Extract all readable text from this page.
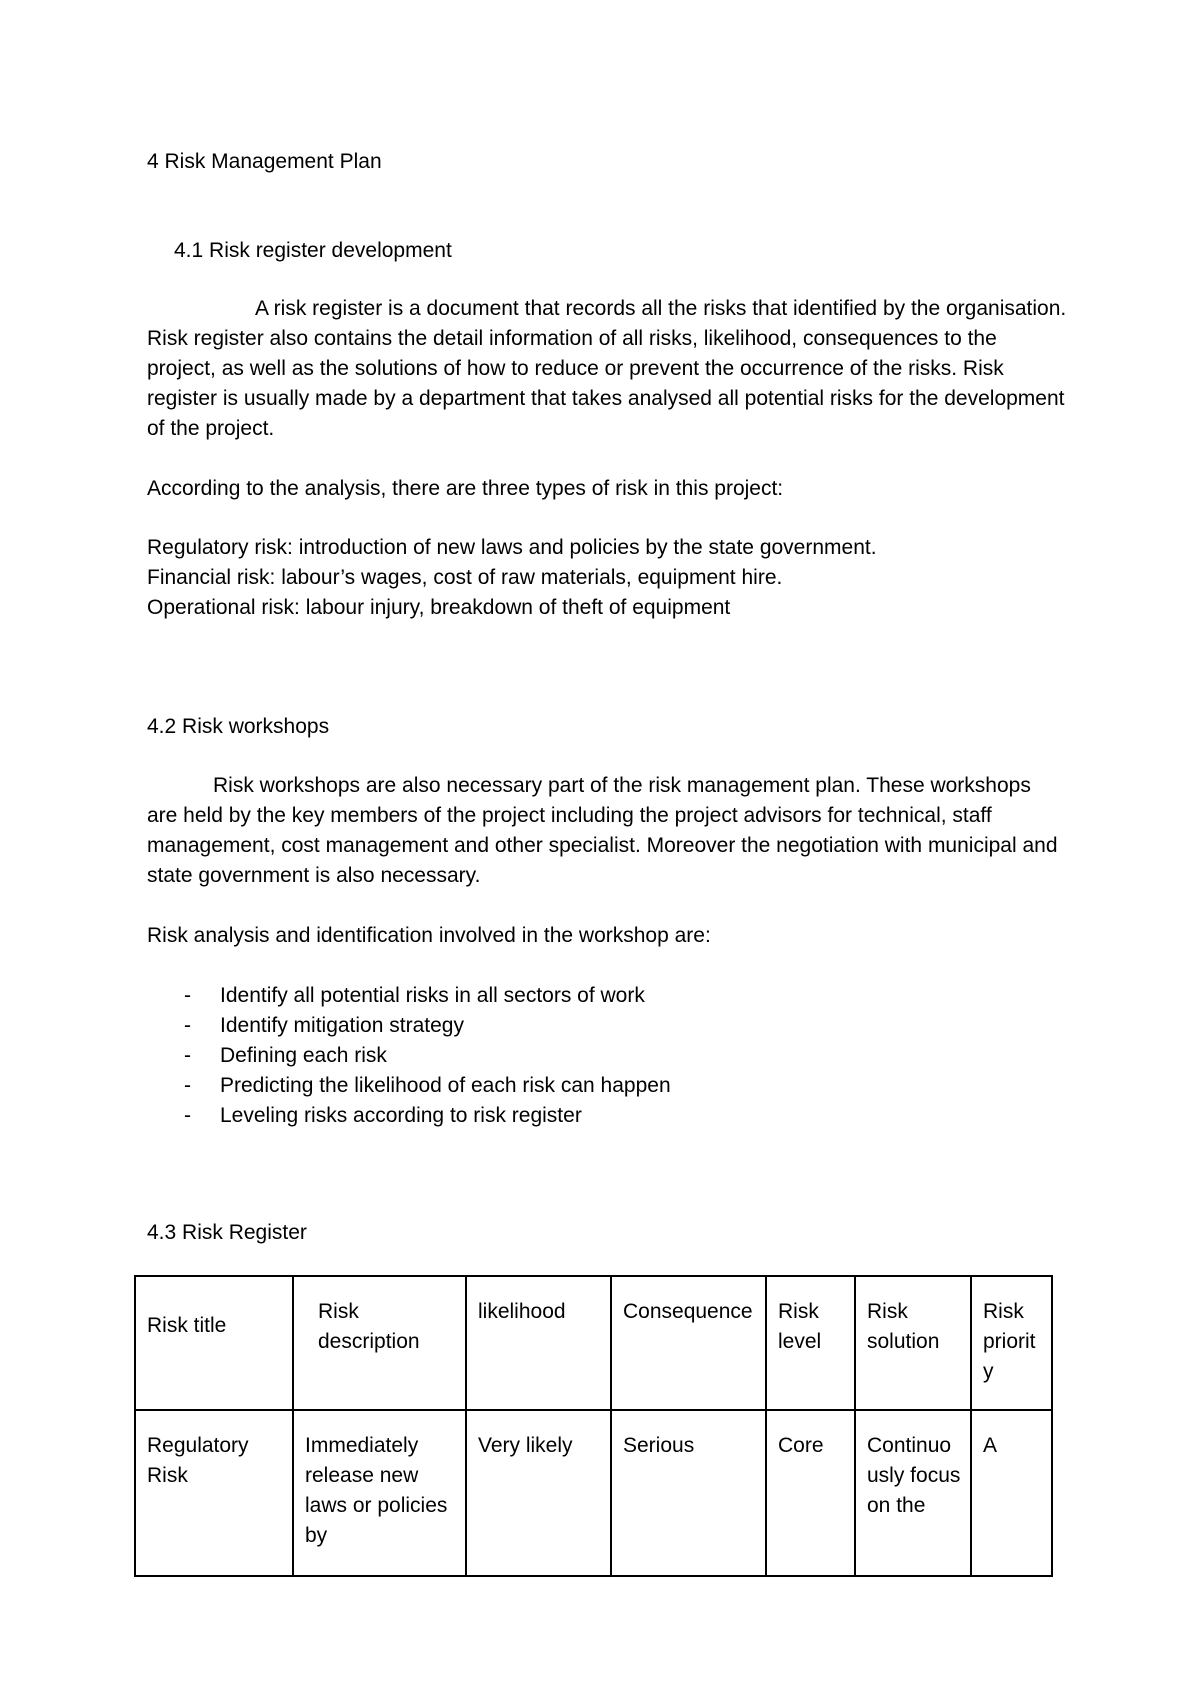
4 Risk Management Plan
4.1 Risk register development
A risk register is a document that records all the risks that identified by the organisation. Risk register also contains the detail information of all risks, likelihood, consequences to the project, as well as the solutions of how to reduce or prevent the occurrence of the risks. Risk register is usually made by a department that takes analysed all potential risks for the development of the project.
According to the analysis, there are three types of risk in this project:
Regulatory risk: introduction of new laws and policies by the state government.
Financial risk: labour’s wages, cost of raw materials, equipment hire.
Operational risk: labour injury, breakdown of theft of equipment
4.2 Risk workshops
Risk workshops are also necessary part of the risk management plan. These workshops are held by the key members of the project including the project advisors for technical, staff management, cost management and other specialist. Moreover the negotiation with municipal and state government is also necessary.
Risk analysis and identification involved in the workshop are:
- Identify all potential risks in all sectors of work
- Identify mitigation strategy
- Defining each risk
- Predicting the likelihood of each risk can happen
- Leveling risks according to risk register
4.3 Risk Register
Risk title	Risk description	likelihood	Consequence	Risk level	Risk solution	Risk priority
Regulatory Risk	Immediately release new laws or policies by	Very likely	Serious	Core	Continuously focus on the	A
